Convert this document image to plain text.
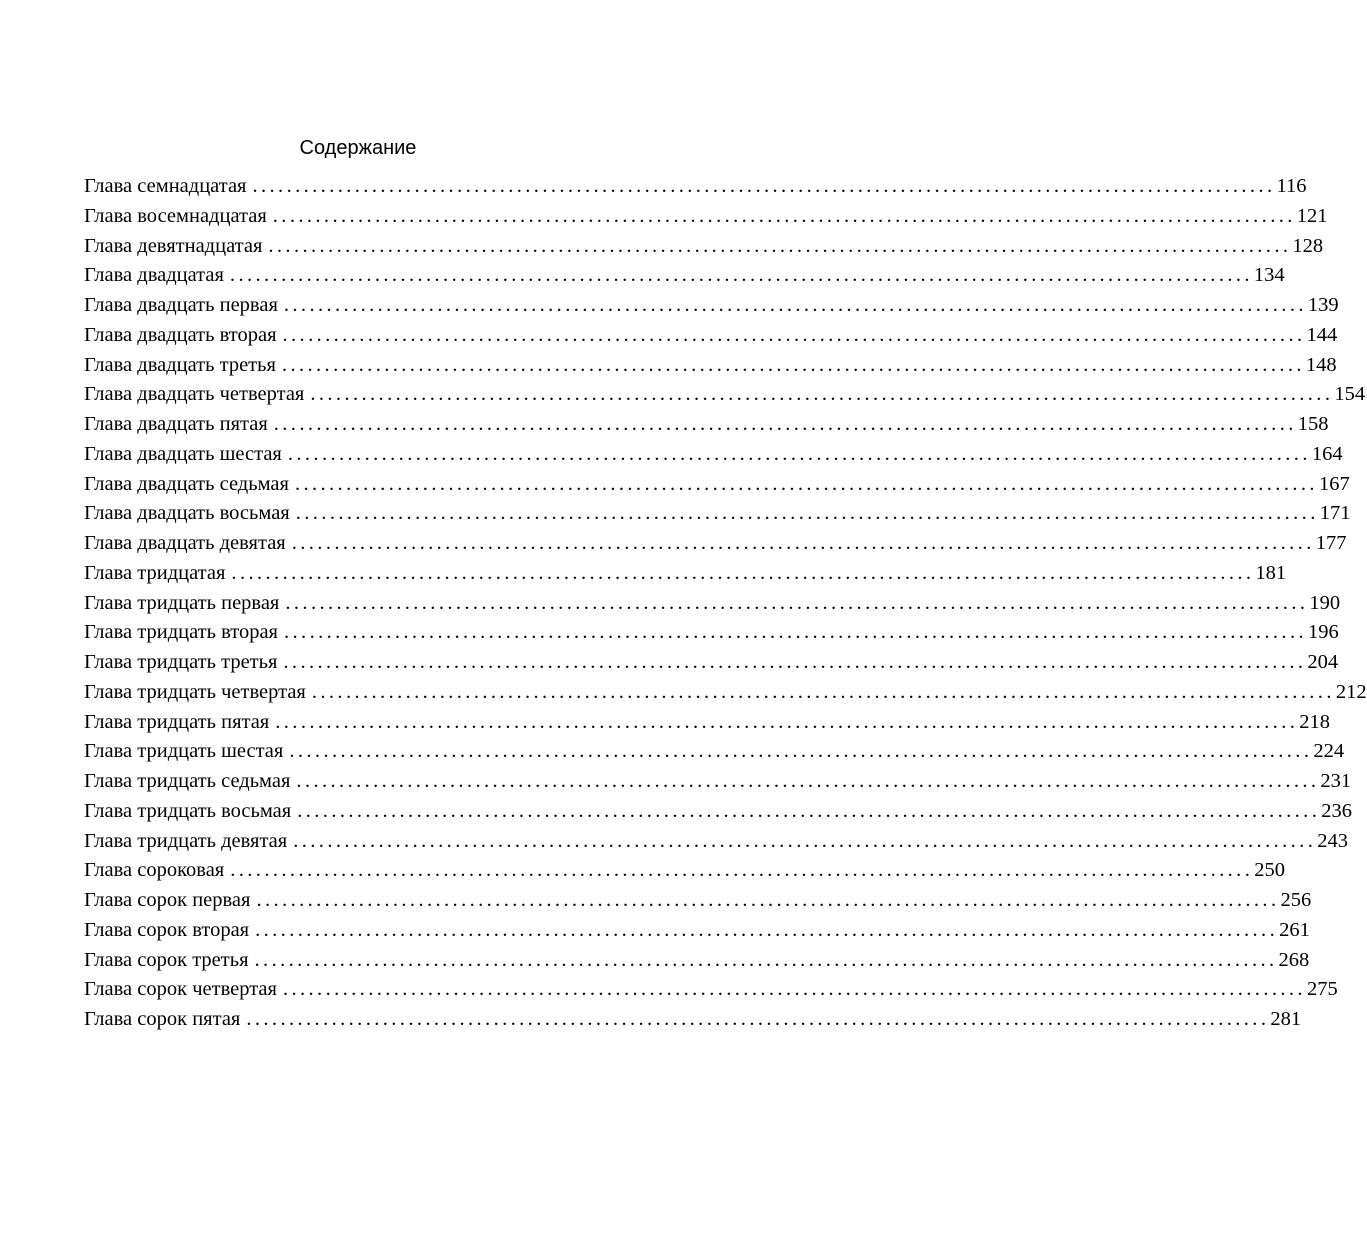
Содержание
Глава семнадцатая ........................................................................................................................ 116
Глава восемнадцатая ........................................................................................................................ 121
Глава девятнадцатая ........................................................................................................................ 128
Глава двадцатая ........................................................................................................................ 134
Глава двадцать первая ........................................................................................................................ 139
Глава двадцать вторая ........................................................................................................................ 144
Глава двадцать третья ........................................................................................................................ 148
Глава двадцать четвертая ........................................................................................................................ 154
Глава двадцать пятая ........................................................................................................................ 158
Глава двадцать шестая ........................................................................................................................ 164
Глава двадцать седьмая ........................................................................................................................ 167
Глава двадцать восьмая ........................................................................................................................ 171
Глава двадцать девятая ........................................................................................................................ 177
Глава тридцатая ........................................................................................................................ 181
Глава тридцать первая ........................................................................................................................ 190
Глава тридцать вторая ........................................................................................................................ 196
Глава тридцать третья ........................................................................................................................ 204
Глава тридцать четвертая ........................................................................................................................ 212
Глава тридцать пятая ........................................................................................................................ 218
Глава тридцать шестая ........................................................................................................................ 224
Глава тридцать седьмая ........................................................................................................................ 231
Глава тридцать восьмая ........................................................................................................................ 236
Глава тридцать девятая ........................................................................................................................ 243
Глава сороковая ........................................................................................................................ 250
Глава сорок первая ........................................................................................................................ 256
Глава сорок вторая ........................................................................................................................ 261
Глава сорок третья ........................................................................................................................ 268
Глава сорок четвертая ........................................................................................................................ 275
Глава сорок пятая ........................................................................................................................ 281
